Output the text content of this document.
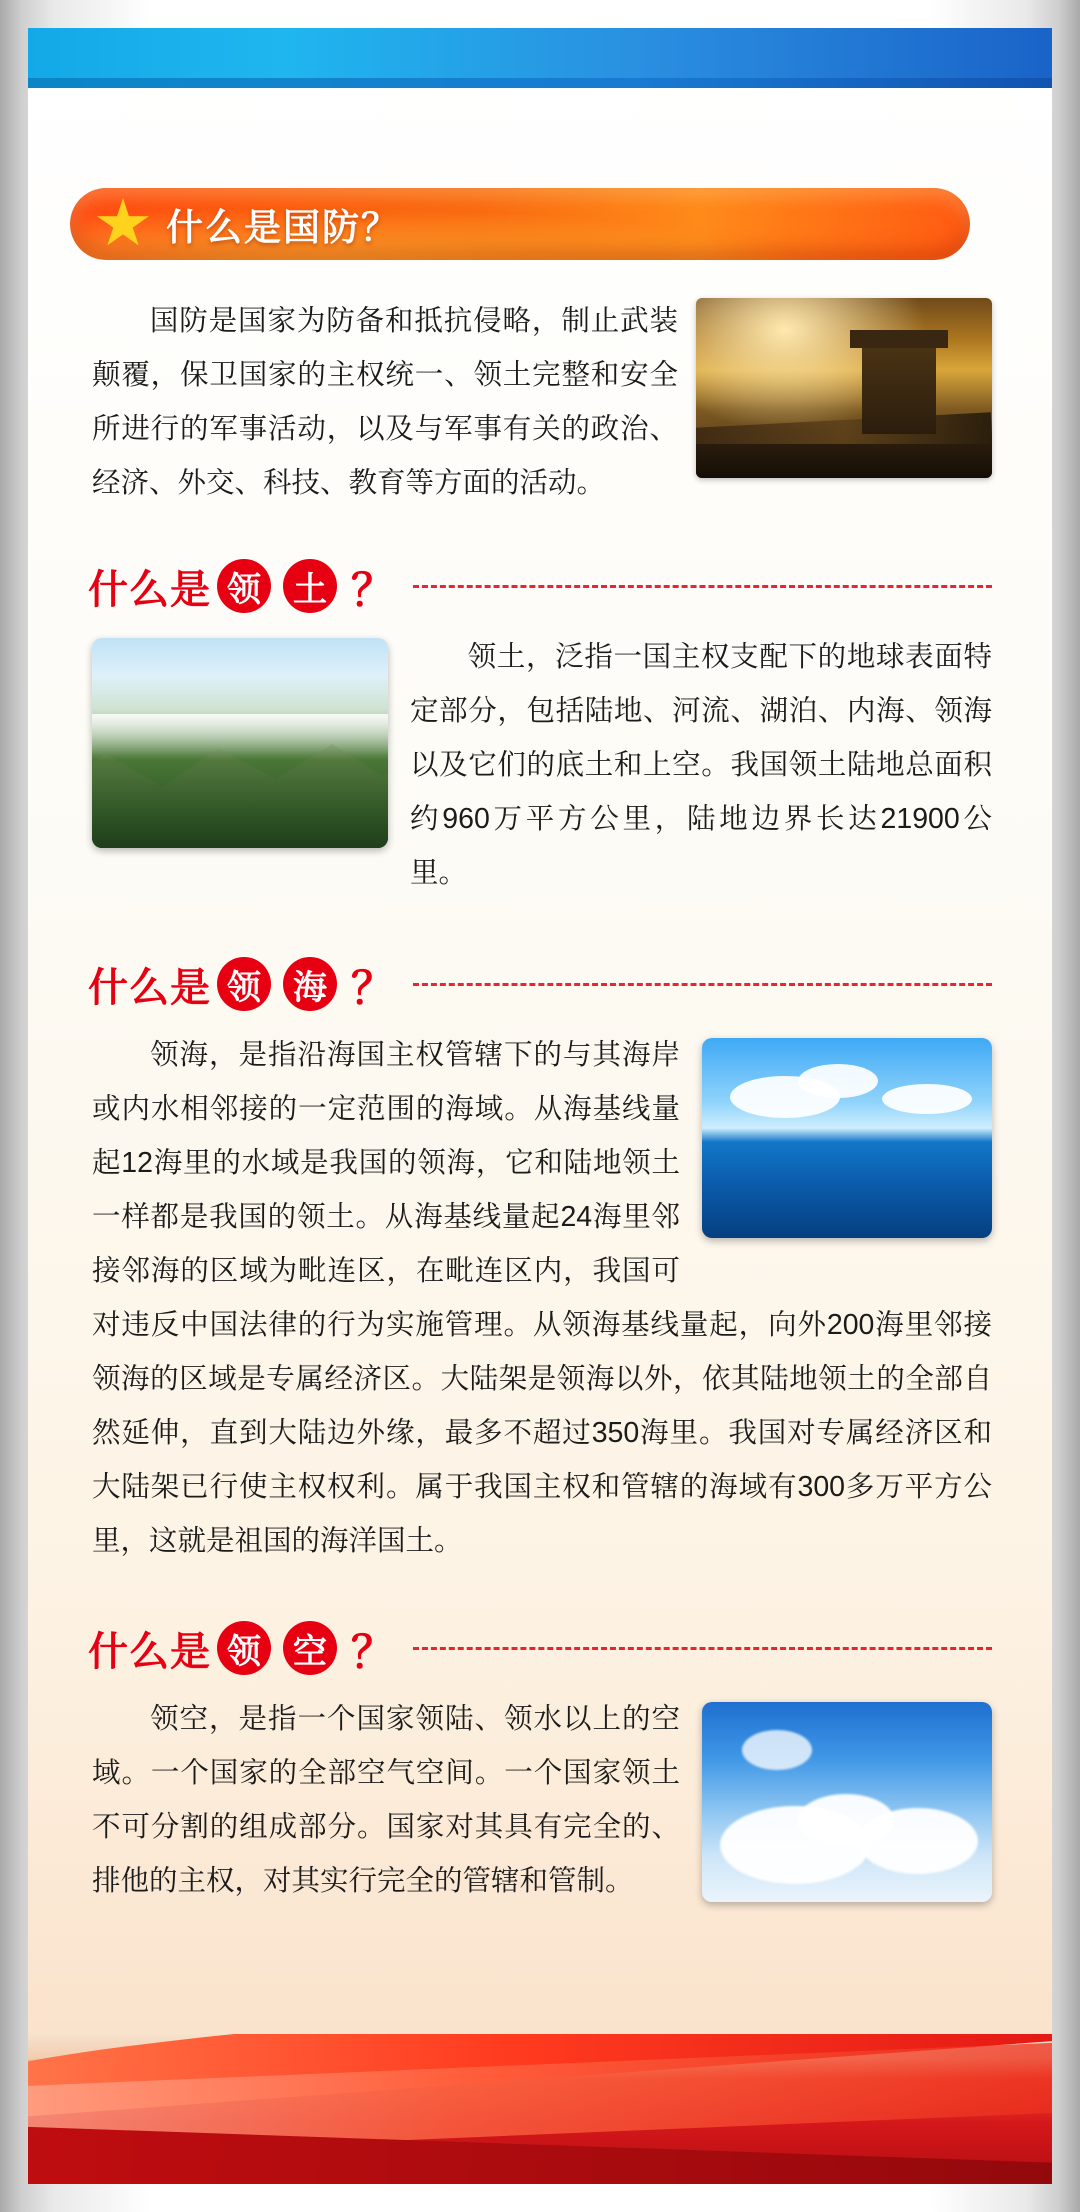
什么是国防？
国防是国家为防备和抵抗侵略，制止武装颠覆，保卫国家的主权统一、领土完整和安全所进行的军事活动，以及与军事有关的政治、经济、外交、科技、教育等方面的活动。
什么是 领 土 ？
领土，泛指一国主权支配下的地球表面特定部分，包括陆地、河流、湖泊、内海、领海以及它们的底土和上空。我国领土陆地总面积约960万平方公里，陆地边界长达21900公里。
什么是 领 海 ？
领海，是指沿海国主权管辖下的与其海岸或内水相邻接的一定范围的海域。从海基线量起12海里的水域是我国的领海，它和陆地领土一样都是我国的领土。从海基线量起24海里邻接邻海的区域为毗连区，在毗连区内，我国可对违反中国法律的行为实施管理。从领海基线量起，向外200海里邻接领海的区域是专属经济区。大陆架是领海以外，依其陆地领土的全部自然延伸，直到大陆边外缘，最多不超过350海里。我国对专属经济区和大陆架已行使主权权利。属于我国主权和管辖的海域有300多万平方公里，这就是祖国的海洋国土。
什么是 领 空 ？
领空，是指一个国家领陆、领水以上的空域。一个国家的全部空气空间。一个国家领土不可分割的组成部分。国家对其具有完全的、排他的主权，对其实行完全的管辖和管制。
